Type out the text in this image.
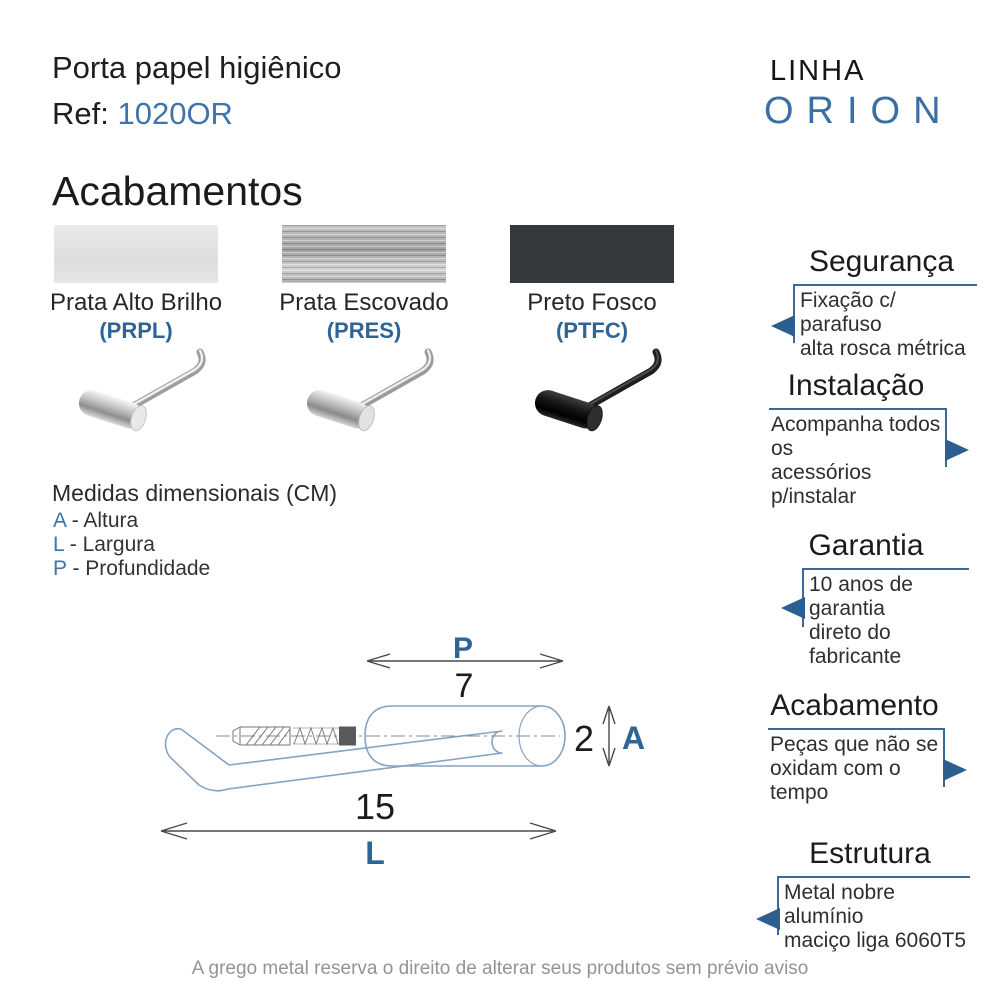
Porta papel higiênico
Ref: 1020OR
LINHA
ORION
Acabamentos
Prata Alto Brilho
(PRPL)
Prata Escovado
(PRES)
Preto Fosco
(PTFC)
Medidas dimensionais (CM)
A - Altura
L - Largura
P - Profundidade
P
7
2 A
15
L
Segurança
Fixação c/ parafuso
alta rosca métrica
Instalação
Acompanha todos os
acessórios p/instalar
Garantia
10 anos de garantia
direto do fabricante
Acabamento
Peças que não se
oxidam com o tempo
Estrutura
Metal nobre alumínio
maciço liga 6060T5
A grego metal reserva o direito de alterar seus produtos sem prévio aviso
